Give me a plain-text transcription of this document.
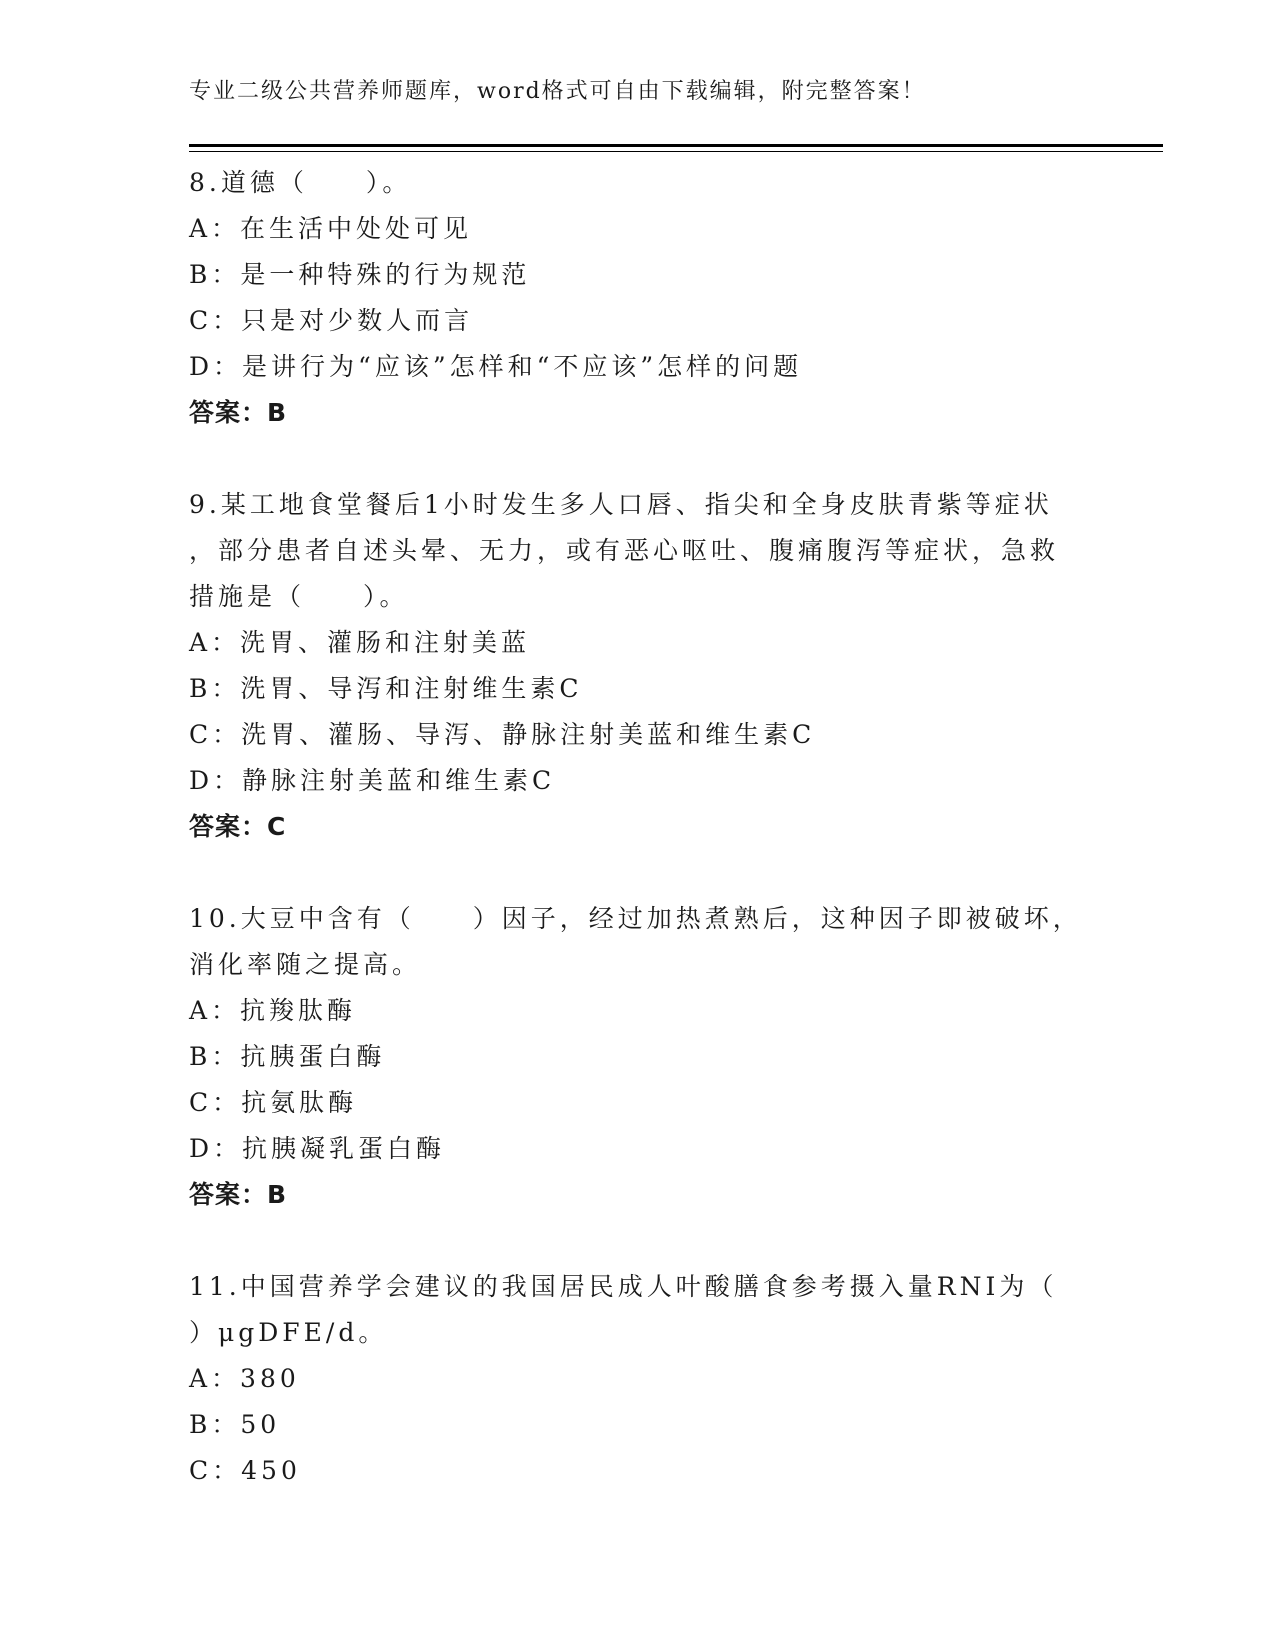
专业二级公共营养师题库，word格式可自由下载编辑，附完整答案！
8.道德（　　）。
A：在生活中处处可见
B：是一种特殊的行为规范
C：只是对少数人而言
D：是讲行为“应该”怎样和“不应该”怎样的问题
答案：B
9.某工地食堂餐后1小时发生多人口唇、指尖和全身皮肤青紫等症状
，部分患者自述头晕、无力，或有恶心呕吐、腹痛腹泻等症状，急救
措施是（　　）。
A：洗胃、灌肠和注射美蓝
B：洗胃、导泻和注射维生素C
C：洗胃、灌肠、导泻、静脉注射美蓝和维生素C
D：静脉注射美蓝和维生素C
答案：C
10.大豆中含有（　　）因子，经过加热煮熟后，这种因子即被破坏，
消化率随之提高。
A：抗羧肽酶
B：抗胰蛋白酶
C：抗氨肽酶
D：抗胰凝乳蛋白酶
答案：B
11.中国营养学会建议的我国居民成人叶酸膳食参考摄入量RNI为（
）μgDFE/d。
A：380
B：50
C：450
